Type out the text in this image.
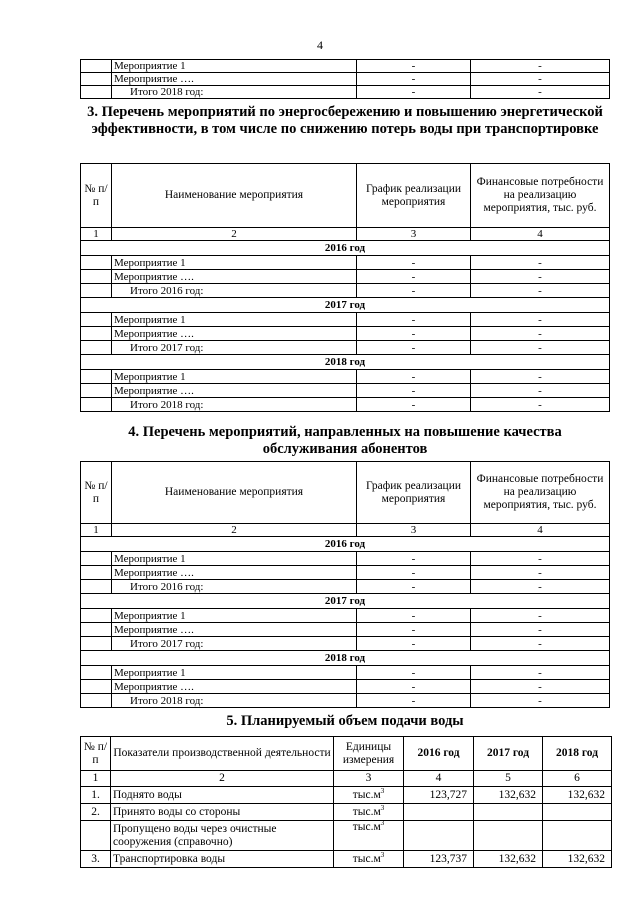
4
	Мероприятие 1	-	-
	Мероприятие ….	-	-
	Итого 2018 год:	-	-
3. Перечень мероприятий по энергосбережению и повышению энергетической эффективности, в том числе по снижению потерь воды при транспортировке
№ п/п	Наименование мероприятия	График реализации мероприятия	Финансовые потребности на реализацию мероприятия, тыс. руб.
1	2	3	4
2016 год			
	Мероприятие 1	-	-
	Мероприятие ….	-	-
	Итого 2016 год:	-	-
2017 год			
	Мероприятие 1	-	-
	Мероприятие ….	-	-
	Итого 2017 год:	-	-
2018 год			
	Мероприятие 1	-	-
	Мероприятие ….	-	-
	Итого 2018 год:	-	-
4. Перечень мероприятий, направленных на повышение качества обслуживания абонентов
№ п/п	Наименование мероприятия	График реализации мероприятия	Финансовые потребности на реализацию мероприятия, тыс. руб.
1	2	3	4
2016 год			
	Мероприятие 1	-	-
	Мероприятие ….	-	-
	Итого 2016 год:	-	-
2017 год			
	Мероприятие 1	-	-
	Мероприятие ….	-	-
	Итого 2017 год:	-	-
2018 год			
	Мероприятие 1	-	-
	Мероприятие ….	-	-
	Итого 2018 год:	-	-
5. Планируемый объем подачи воды
№ п/п	Показатели производственной деятельности	Единицы измерения	2016 год	2017 год	2018 год
1	2	3	4	5	6
1.	Поднято воды	$тыс.м^3$	123,727	132,632	132,632
2.	Принято воды со стороны	$тыс.м^3$			
	Пропущено воды через очистные сооружения (справочно)	$тыс.м^3$			
3.	Транспортировка воды	$тыс.м^3$	123,737	132,632	132,632
